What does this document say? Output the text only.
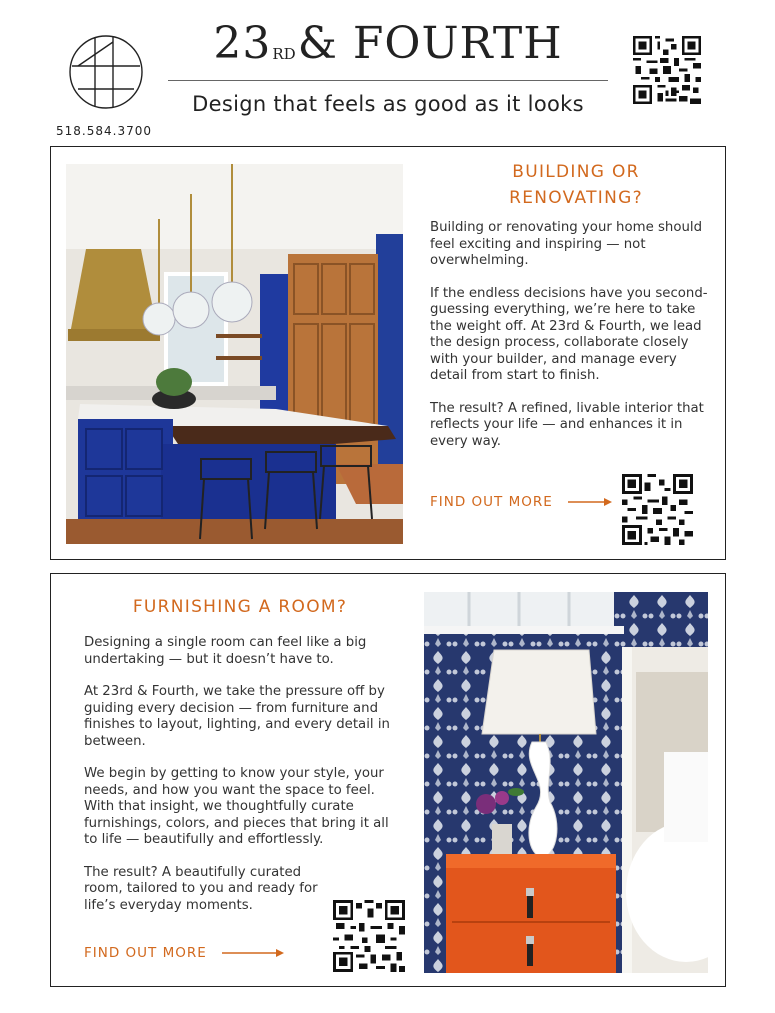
23RD& FOURTH
Design that feels as good as it looks
518.584.3700
BUILDING OR
RENOVATING?

Building or renovating your home should feel exciting and inspiring — not overwhelming.

If the endless decisions have you second-guessing everything, we’re here to take the weight off. At 23rd & Fourth, we lead the design process, collaborate closely with your builder, and manage every detail from start to finish.

The result? A refined, livable interior that reflects your life — and enhances it in every way.

FIND OUT MORE
FURNISHING A ROOM?

Designing a single room can feel like a big undertaking — but it doesn’t have to.

At 23rd & Fourth, we take the pressure off by guiding every decision — from furniture and finishes to layout, lighting, and every detail in between.

We begin by getting to know your style, your needs, and how you want the space to feel. With that insight, we thoughtfully curate furnishings, colors, and pieces that bring it all to life — beautifully and effortlessly.

The result? A beautifully curated room, tailored to you and ready for life’s everyday moments.

FIND OUT MORE
